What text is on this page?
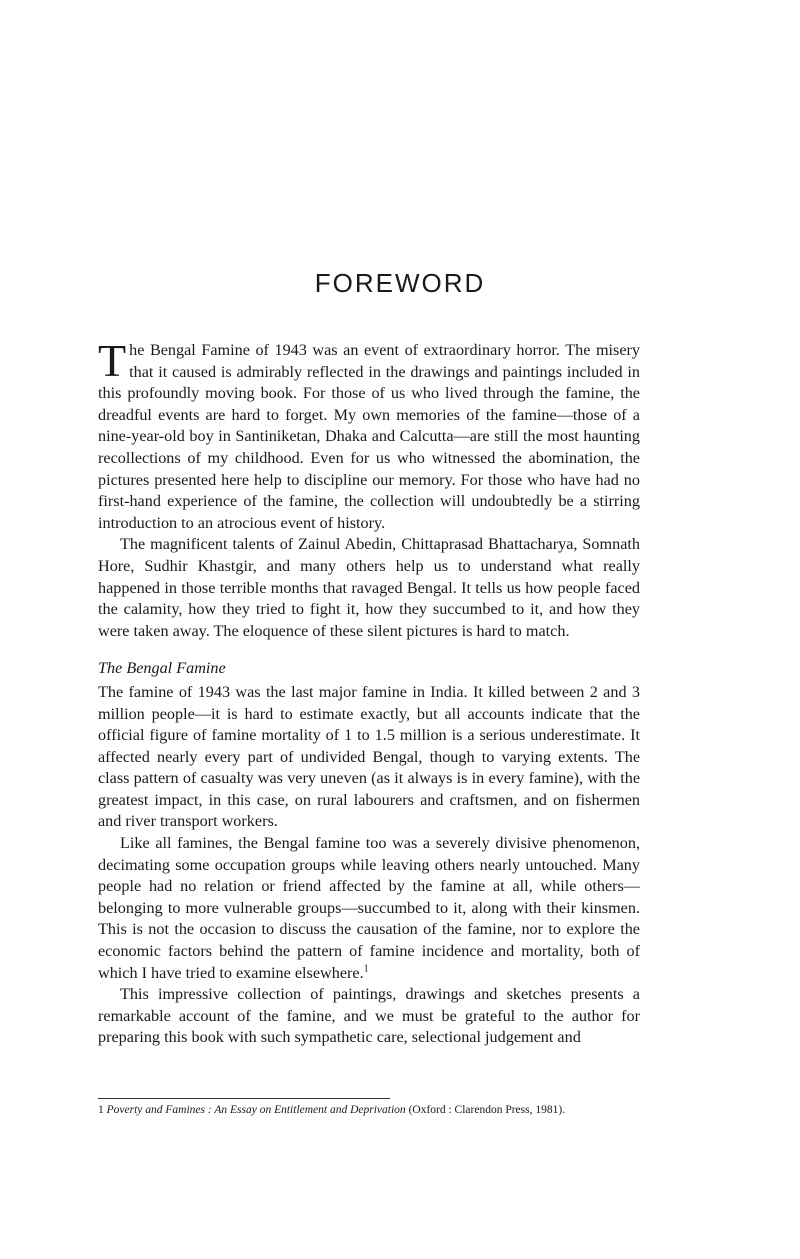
FOREWORD

The Bengal Famine of 1943 was an event of extraordinary horror. The misery that it caused is admirably reflected in the drawings and paintings included in this profoundly moving book. For those of us who lived through the famine, the dreadful events are hard to forget. My own memories of the famine—those of a nine-year-old boy in Santiniketan, Dhaka and Calcutta—are still the most haunting recollections of my childhood. Even for us who witnessed the abomination, the pictures presented here help to discipline our memory. For those who have had no first-hand experience of the famine, the collection will undoubtedly be a stirring introduction to an atrocious event of history.

The magnificent talents of Zainul Abedin, Chittaprasad Bhattacharya, Somnath Hore, Sudhir Khastgir, and many others help us to understand what really happened in those terrible months that ravaged Bengal. It tells us how people faced the calamity, how they tried to fight it, how they succumbed to it, and how they were taken away. The eloquence of these silent pictures is hard to match.

The Bengal Famine

The famine of 1943 was the last major famine in India. It killed between 2 and 3 million people—it is hard to estimate exactly, but all accounts indicate that the official figure of famine mortality of 1 to 1.5 million is a serious underestimate. It affected nearly every part of undivided Bengal, though to varying extents. The class pattern of casualty was very uneven (as it always is in every famine), with the greatest impact, in this case, on rural labourers and craftsmen, and on fishermen and river transport workers.

Like all famines, the Bengal famine too was a severely divisive phenomenon, decimating some occupation groups while leaving others nearly untouched. Many people had no relation or friend affected by the famine at all, while others—belonging to more vulnerable groups—succumbed to it, along with their kinsmen. This is not the occasion to discuss the causation of the famine, nor to explore the economic factors behind the pattern of famine incidence and mortality, both of which I have tried to examine elsewhere.$^1$

This impressive collection of paintings, drawings and sketches presents a remarkable account of the famine, and we must be grateful to the author for preparing this book with such sympathetic care, selectional judgement and

1 Poverty and Famines : An Essay on Entitlement and Deprivation (Oxford : Clarendon Press, 1981).
